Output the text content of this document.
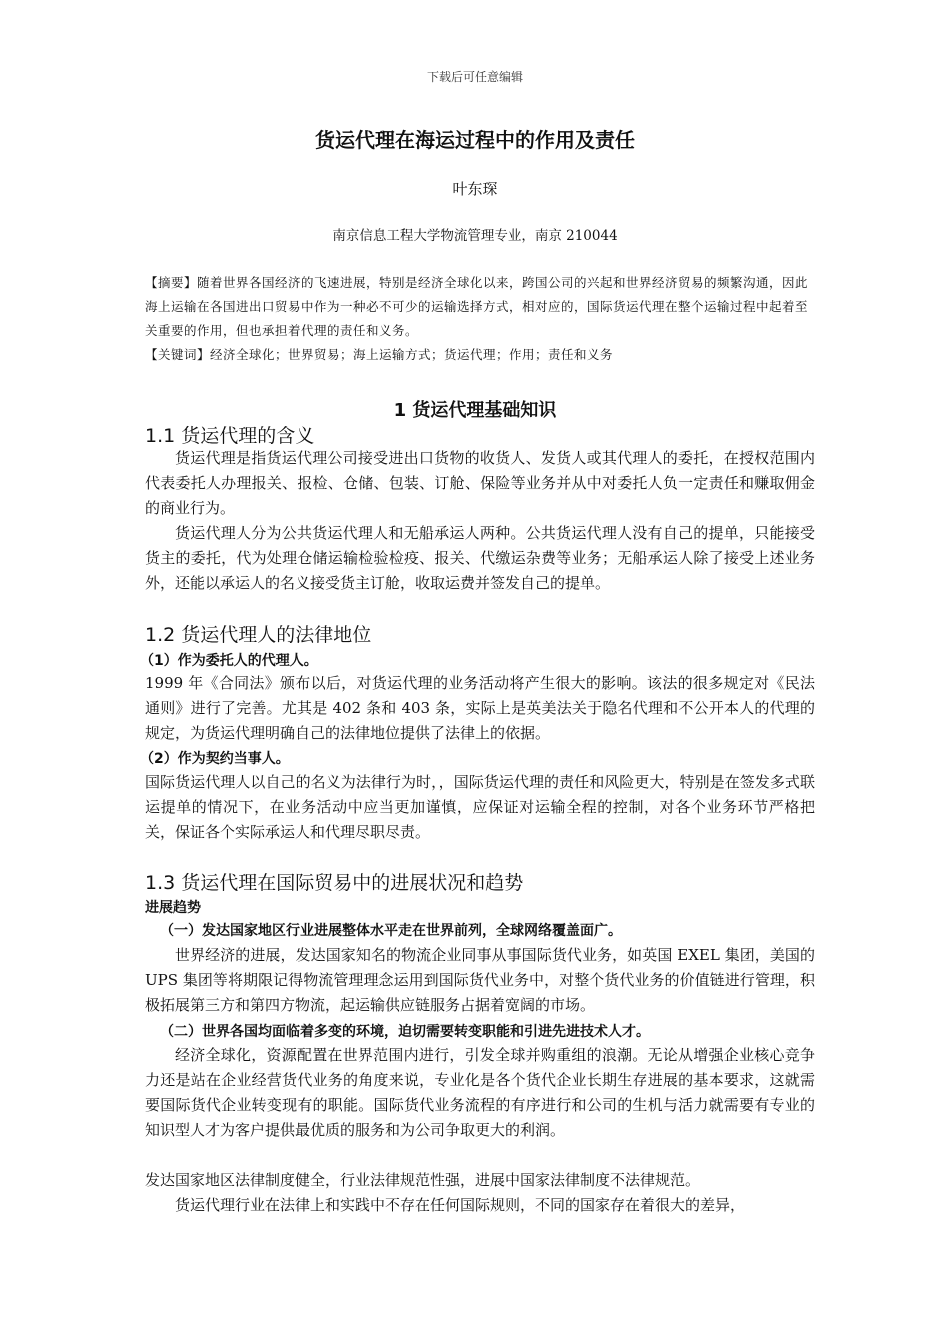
下载后可任意编辑
货运代理在海运过程中的作用及责任
叶东琛
南京信息工程大学物流管理专业，南京 210044

【摘要】随着世界各国经济的飞速进展，特别是经济全球化以来，跨国公司的兴起和世界经济贸易的频繁沟通，因此海上运输在各国进出口贸易中作为一种必不可少的运输选择方式，相对应的，国际货运代理在整个运输过程中起着至关重要的作用，但也承担着代理的责任和义务。

【关键词】经济全球化；世界贸易；海上运输方式；货运代理；作用；责任和义务

1 货运代理基础知识
1.1 货运代理的含义

货运代理是指货运代理公司接受进出口货物的收货人、发货人或其代理人的委托，在授权范围内代表委托人办理报关、报检、仓储、包装、订舱、保险等业务并从中对委托人负一定责任和赚取佣金的商业行为。

货运代理人分为公共货运代理人和无船承运人两种。公共货运代理人没有自己的提单，只能接受货主的委托，代为处理仓储运输检验检疫、报关、代缴运杂费等业务；无船承运人除了接受上述业务外，还能以承运人的名义接受货主订舱，收取运费并签发自己的提单。

1.2 货运代理人的法律地位
（1）作为委托人的代理人。

1999 年《合同法》颁布以后，对货运代理的业务活动将产生很大的影响。该法的很多规定对《民法通则》进行了完善。尤其是 402 条和 403 条，实际上是英美法关于隐名代理和不公开本人的代理的规定，为货运代理明确自己的法律地位提供了法律上的依据。

（2）作为契约当事人。

国际货运代理人以自己的名义为法律行为时，，国际货运代理的责任和风险更大，特别是在签发多式联运提单的情况下，在业务活动中应当更加谨慎，应保证对运输全程的控制，对各个业务环节严格把关，保证各个实际承运人和代理尽职尽责。

1.3 货运代理在国际贸易中的进展状况和趋势
进展趋势
（一）发达国家地区行业进展整体水平走在世界前列，全球网络覆盖面广。

世界经济的进展，发达国家知名的物流企业同事从事国际货代业务，如英国 EXEL 集团，美国的 UPS 集团等将期限记得物流管理理念运用到国际货代业务中，对整个货代业务的价值链进行管理，积极拓展第三方和第四方物流，起运输供应链服务占据着宽阔的市场。

（二）世界各国均面临着多变的环境，迫切需要转变职能和引进先进技术人才。

经济全球化，资源配置在世界范围内进行，引发全球并购重组的浪潮。无论从增强企业核心竞争力还是站在企业经营货代业务的角度来说，专业化是各个货代企业长期生存进展的基本要求，这就需要国际货代企业转变现有的职能。国际货代业务流程的有序进行和公司的生机与活力就需要有专业的知识型人才为客户提供最优质的服务和为公司争取更大的利润。

发达国家地区法律制度健全，行业法律规范性强，进展中国家法律制度不法律规范。

货运代理行业在法律上和实践中不存在任何国际规则，不同的国家存在着很大的差异，
